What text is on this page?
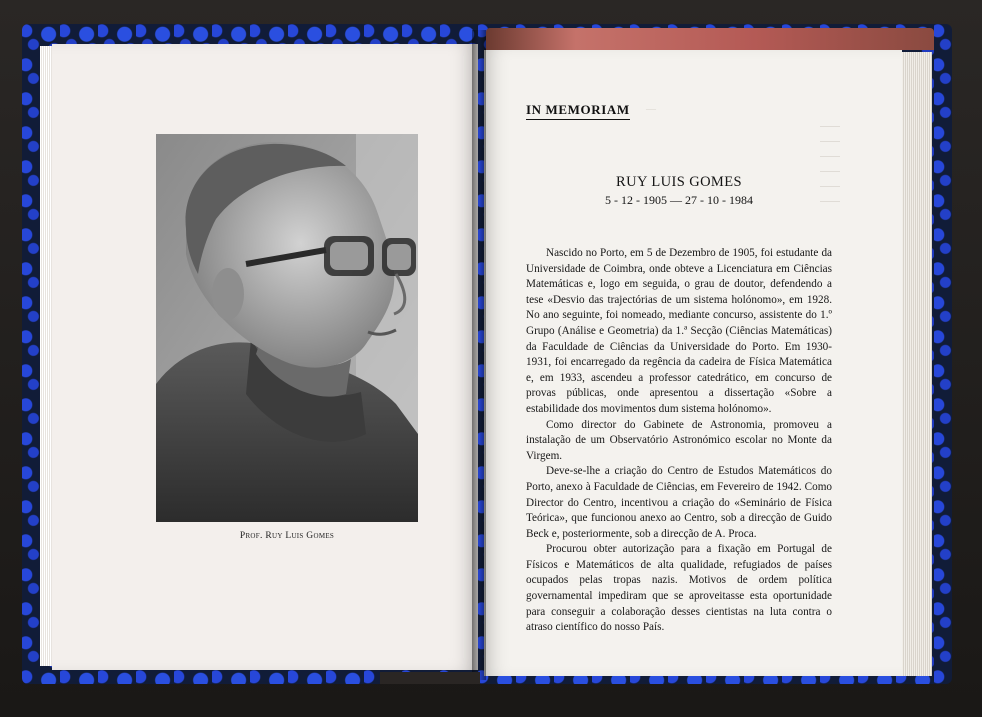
Prof. Ruy Luis Gomes
—
IN MEMORIAM
RUY LUIS GOMES
5 - 12 - 1905 — 27 - 10 - 1984

Nascido no Porto, em 5 de Dezembro de 1905, foi estudante da Universidade de Coimbra, onde obteve a Licenciatura em Ciências Matemáticas e, logo em seguida, o grau de doutor, defendendo a tese «Desvio das trajectórias de um sistema holónomo», em 1928. No ano seguinte, foi nomeado, mediante concurso, assistente do 1.º Grupo (Análise e Geometria) da 1.ª Secção (Ciências Matemáticas) da Faculdade de Ciências da Universidade do Porto. Em 1930-1931, foi encarregado da regência da cadeira de Física Matemática e, em 1933, ascendeu a professor catedrático, em concurso de provas públicas, onde apresentou a dissertação «Sobre a estabilidade dos movimentos dum sistema holónomo».

Como director do Gabinete de Astronomia, promoveu a instalação de um Observatório Astronómico escolar no Monte da Virgem.

Deve-se-lhe a criação do Centro de Estudos Matemáticos do Porto, anexo à Faculdade de Ciências, em Fevereiro de 1942. Como Director do Centro, incentivou a criação do «Seminário de Física Teórica», que funcionou anexo ao Centro, sob a direcção de Guido Beck e, posteriormente, sob a direcção de A. Proca.

Procurou obter autorização para a fixação em Portugal de Físicos e Matemáticos de alta qualidade, refugiados de países ocupados pelas tropas nazis. Motivos de ordem política governamental impediram que se aproveitasse esta oportunidade para conseguir a colaboração desses cientistas na luta contra o atraso científico do nosso País.
